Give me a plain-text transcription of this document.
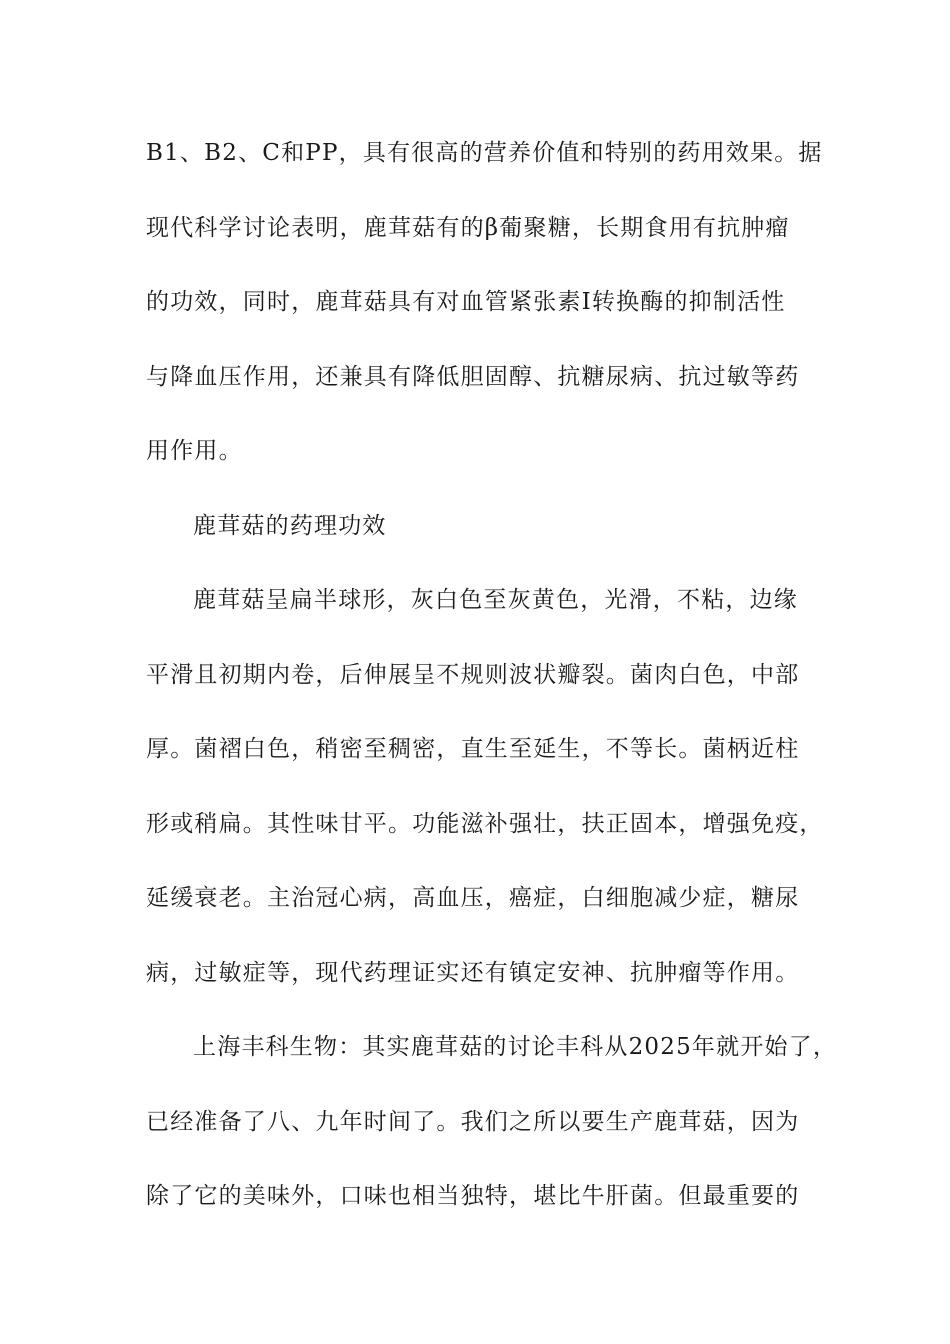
B1、B2、C和PP，具有很高的营养价值和特别的药用效果。据
现代科学讨论表明，鹿茸菇有的β葡聚糖，长期食用有抗肿瘤
的功效，同时，鹿茸菇具有对血管紧张素Ⅰ转换酶的抑制活性
与降血压作用，还兼具有降低胆固醇、抗糖尿病、抗过敏等药
用作用。
鹿茸菇的药理功效
鹿茸菇呈扁半球形，灰白色至灰黄色，光滑，不粘，边缘
平滑且初期内卷，后伸展呈不规则波状瓣裂。菌肉白色，中部
厚。菌褶白色，稍密至稠密，直生至延生，不等长。菌柄近柱
形或稍扁。其性味甘平。功能滋补强壮，扶正固本，增强免疫，
延缓衰老。主治冠心病，高血压，癌症，白细胞减少症，糖尿
病，过敏症等，现代药理证实还有镇定安神、抗肿瘤等作用。
上海丰科生物：其实鹿茸菇的讨论丰科从2025年就开始了，
已经准备了八、九年时间了。我们之所以要生产鹿茸菇，因为
除了它的美味外，口味也相当独特，堪比牛肝菌。但最重要的
